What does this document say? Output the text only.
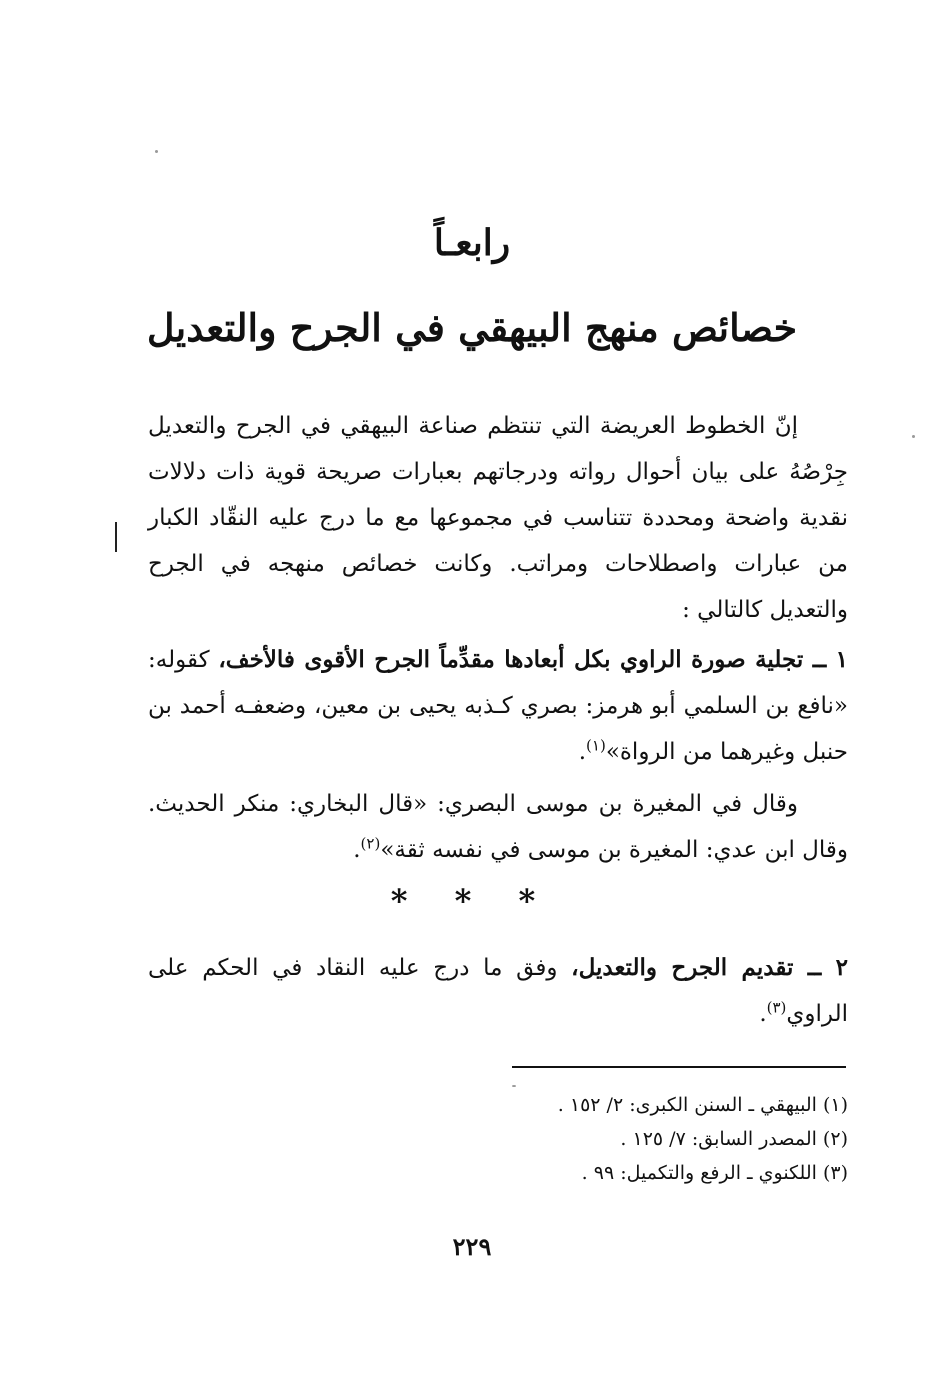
رابعـاً
خصائص منهج البيهقي في الجرح والتعديل

إنّ الخطوط العريضة التي تنتظم صناعة البيهقي في الجرح والتعديل جِرْصُهُ على بيان أحوال رواته ودرجاتهم بعبارات صريحة قوية ذات دلالات نقدية واضحة ومحددة تتناسب في مجموعها مع ما درج عليه النقّاد الكبار من عبارات واصطلاحات ومراتب. وكانت خصائص منهجه في الجرح والتعديل كالتالي :

١ ــ تجلية صورة الراوي بكل أبعادها مقدِّماً الجرح الأقوى فالأخف، كقوله: «نافع بن السلمي أبو هرمز: بصري كـذبه يحيى بن معين، وضعفـه أحمد بن حنبل وغيرهما من الرواة»$^{(١)}$.

وقال في المغيرة بن موسى البصري: «قال البخاري: منكر الحديث. وقال ابن عدي: المغيرة بن موسى في نفسه ثقة»$^{(٢)}$.

* * *

٢ ــ تقديم الجرح والتعديل، وفق ما درج عليه النقاد في الحكم على الراوي$^{(٣)}$.

(١) البيهقي ـ السنن الكبرى: ٢/ ١٥٢ .
(٢) المصدر السابق: ٧/ ١٢٥ .
(٣) اللكنوي ـ الرفع والتكميل: ٩٩ .
٢٢٩
